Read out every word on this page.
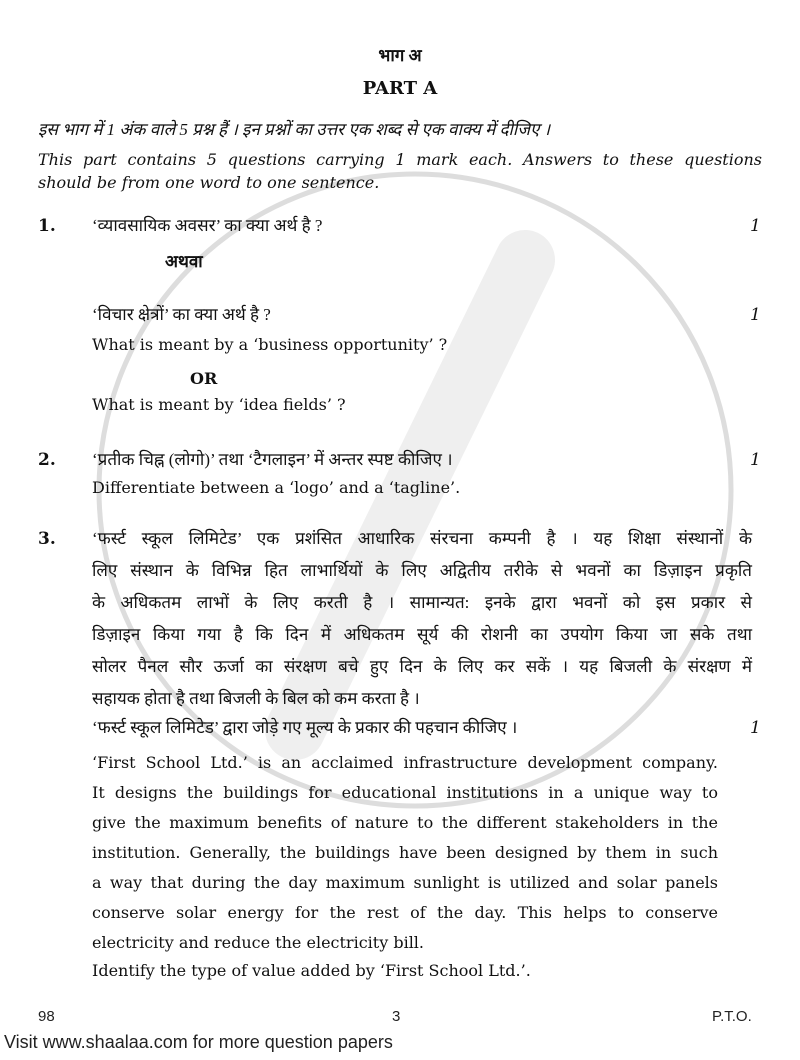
भाग अ
PART A
इस भाग में 1 अंक वाले 5 प्रश्न हैं । इन प्रश्नों का उत्तर एक शब्द से एक वाक्य में दीजिए ।
This part contains 5 questions carrying 1 mark each. Answers to these questions
should be from one word to one sentence.
1. ‘व्यावसायिक अवसर’ का क्या अर्थ है ?	1
अथवा
‘विचार क्षेत्रों’ का क्या अर्थ है ?	1
What is meant by a ‘business opportunity’ ?
OR
What is meant by ‘idea fields’ ?
2. ‘प्रतीक चिह्न (लोगो)’ तथा ‘टैगलाइन’ में अन्तर स्पष्ट कीजिए ।	1
Differentiate between a ‘logo’ and a ‘tagline’.
3. ‘फर्स्ट स्कूल लिमिटेड’ एक प्रशंसित आधारिक संरचना कम्पनी है । यह शिक्षा संस्थानों के
लिए संस्थान के विभिन्न हित लाभार्थियों के लिए अद्वितीय तरीके से भवनों का डिज़ाइन प्रकृति
के अधिकतम लाभों के लिए करती है । सामान्यत: इनके द्वारा भवनों को इस प्रकार से
डिज़ाइन किया गया है कि दिन में अधिकतम सूर्य की रोशनी का उपयोग किया जा सके तथा
सोलर पैनल सौर ऊर्जा का संरक्षण बचे हुए दिन के लिए कर सकें । यह बिजली के संरक्षण में
सहायक होता है तथा बिजली के बिल को कम करता है ।
‘फर्स्ट स्कूल लिमिटेड’ द्वारा जोड़े गए मूल्य के प्रकार की पहचान कीजिए ।	1
‘First School Ltd.’ is an acclaimed infrastructure development company.
It designs the buildings for educational institutions in a unique way to
give the maximum benefits of nature to the different stakeholders in the
institution. Generally, the buildings have been designed by them in such
a way that during the day maximum sunlight is utilized and solar panels
conserve solar energy for the rest of the day. This helps to conserve
electricity and reduce the electricity bill.
Identify the type of value added by ‘First School Ltd.’.
98	3	P.T.O.
Visit www.shaalaa.com for more question papers
